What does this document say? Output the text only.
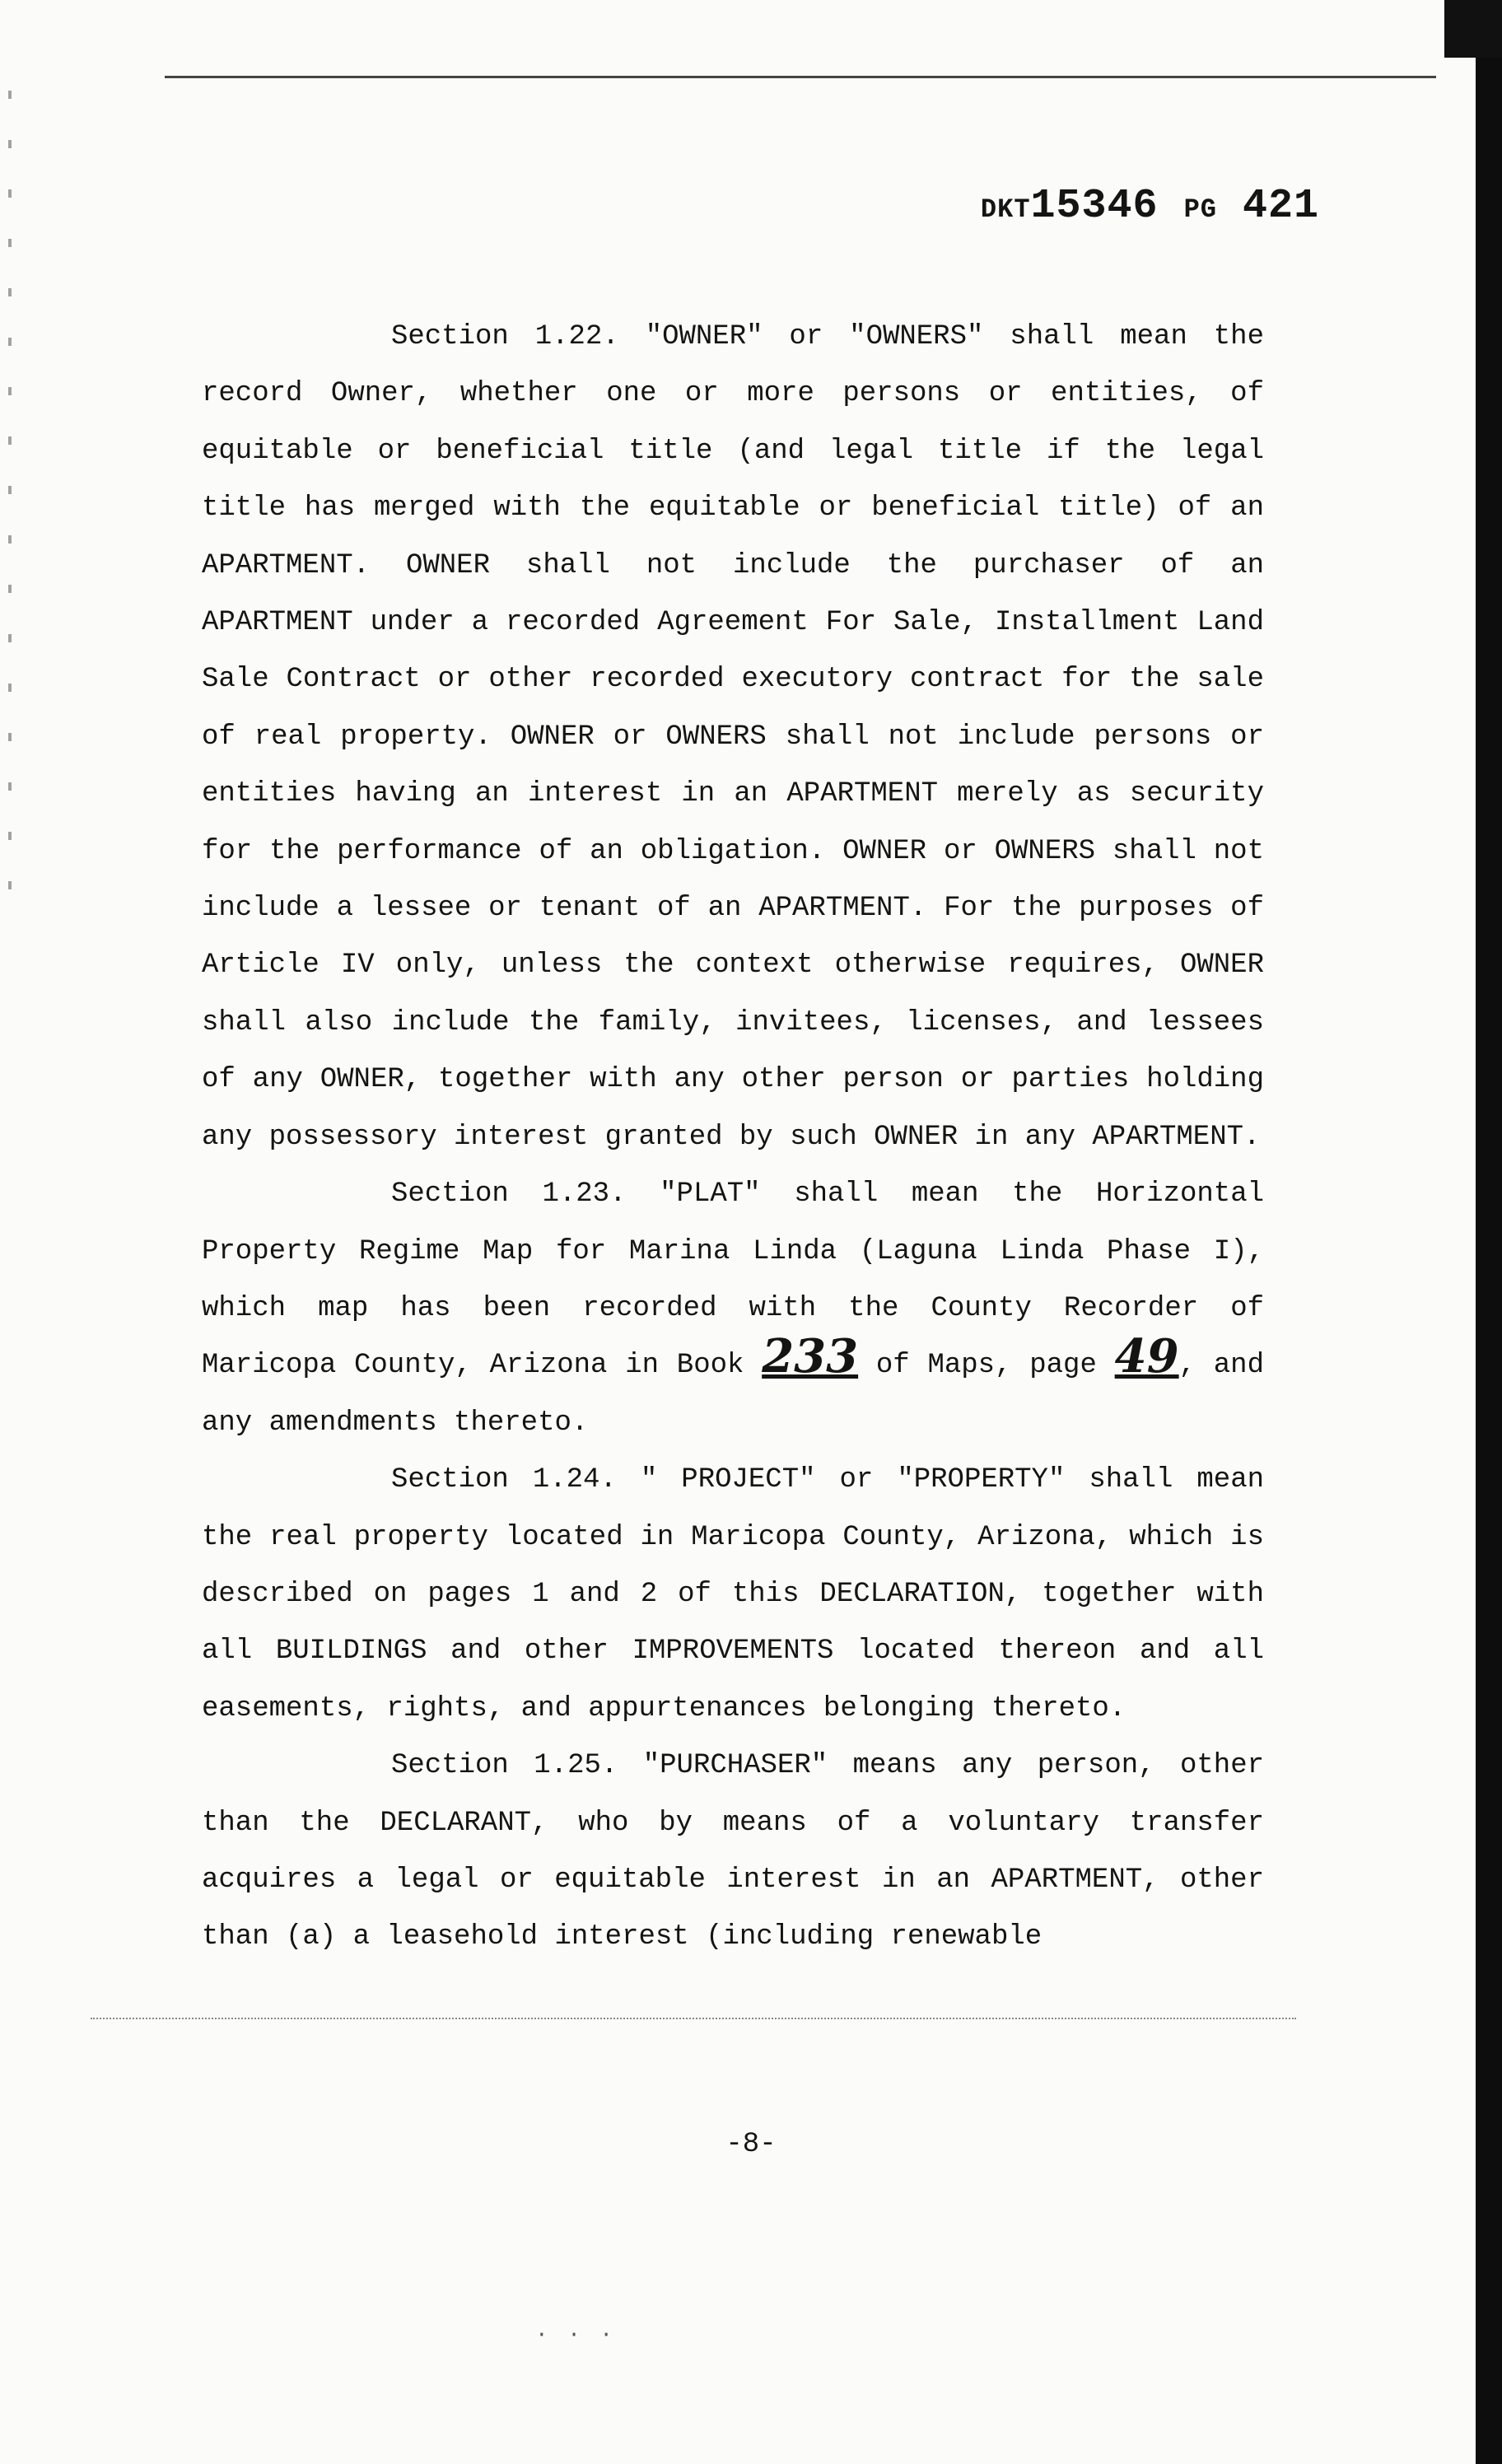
DKT15346 PG 421

Section 1.22. "OWNER" or "OWNERS" shall mean the record Owner, whether one or more persons or entities, of equitable or beneficial title (and legal title if the legal title has merged with the equitable or beneficial title) of an APARTMENT. OWNER shall not include the purchaser of an APARTMENT under a recorded Agreement For Sale, Installment Land Sale Contract or other recorded executory contract for the sale of real property. OWNER or OWNERS shall not include persons or entities having an interest in an APARTMENT merely as security for the performance of an obligation. OWNER or OWNERS shall not include a lessee or tenant of an APARTMENT. For the purposes of Article IV only, unless the context otherwise requires, OWNER shall also include the family, invitees, licenses, and lessees of any OWNER, together with any other person or parties holding any possessory interest granted by such OWNER in any APARTMENT.

Section 1.23. "PLAT" shall mean the Horizontal Property Regime Map for Marina Linda (Laguna Linda Phase I), which map has been recorded with the County Recorder of Maricopa County, Arizona in Book 233 of Maps, page 49, and any amendments thereto.

Section 1.24. " PROJECT" or "PROPERTY" shall mean the real property located in Maricopa County, Arizona, which is described on pages 1 and 2 of this DECLARATION, together with all BUILDINGS and other IMPROVEMENTS located thereon and all easements, rights, and appurtenances belonging thereto.

Section 1.25. "PURCHASER" means any person, other than the DECLARANT, who by means of a voluntary transfer acquires a legal or equitable interest in an APARTMENT, other than (a) a leasehold interest (including renewable

-8-
· · ·
